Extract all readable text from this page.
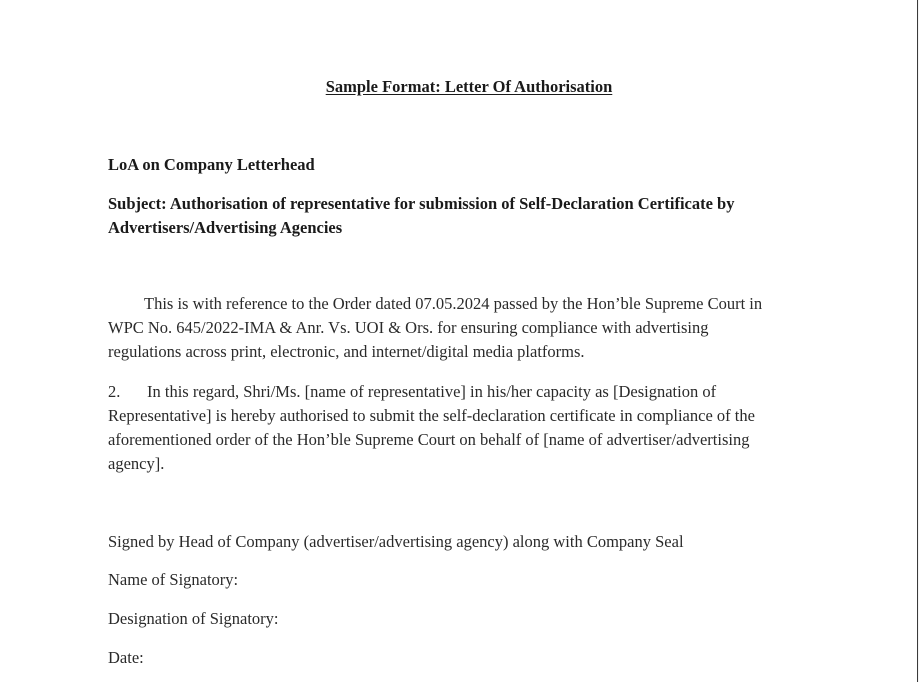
Sample Format: Letter Of Authorisation
LoA on Company Letterhead
Subject: Authorisation of representative for submission of Self-Declaration Certificate by
Advertisers/Advertising Agencies
This is with reference to the Order dated 07.05.2024 passed by the Hon’ble Supreme Court in
WPC No. 645/2022-IMA & Anr. Vs. UOI & Ors. for ensuring compliance with advertising
regulations across print, electronic, and internet/digital media platforms.
2. In this regard, Shri/Ms. [name of representative] in his/her capacity as [Designation of
Representative] is hereby authorised to submit the self-declaration certificate in compliance of the
aforementioned order of the Hon’ble Supreme Court on behalf of [name of advertiser/advertising
agency].
Signed by Head of Company (advertiser/advertising agency) along with Company Seal
Name of Signatory:
Designation of Signatory:
Date:
